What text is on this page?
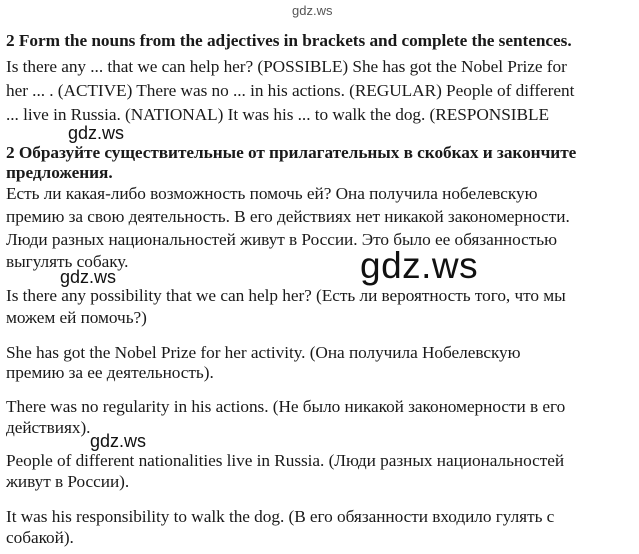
gdz.ws
2 Form the nouns from the adjectives in brackets and complete the sentences.
Is there any ... that we can help her? (POSSIBLE) She has got the Nobel Prize for
her ... . (ACTIVE) There was no ... in his actions. (REGULAR) People of different
... live in Russia. (NATIONAL) It was his ... to walk the dog. (RESPONSIBLE
gdz.ws
2 Образуйте существительные от прилагательных в скобках и закончите
предложения.
Есть ли какая-либо возможность помочь ей? Она получила нобелевскую
премию за свою деятельность. В его действиях нет никакой закономерности.
Люди разных национальностей живут в России. Это было ее обязанностью
выгулять собаку.
gdz.ws	gdz.ws
Is there any possibility that we can help her? (Есть ли вероятность того, что мы
можем ей помочь?)
She has got the Nobel Prize for her activity. (Она получила Нобелевскую
премию за ее деятельность).
There was no regularity in his actions. (Не было никакой закономерности в его
действиях).
gdz.ws
People of different nationalities live in Russia. (Люди разных национальностей
живут в России).
It was his responsibility to walk the dog. (В его обязанности входило гулять с
собакой).
